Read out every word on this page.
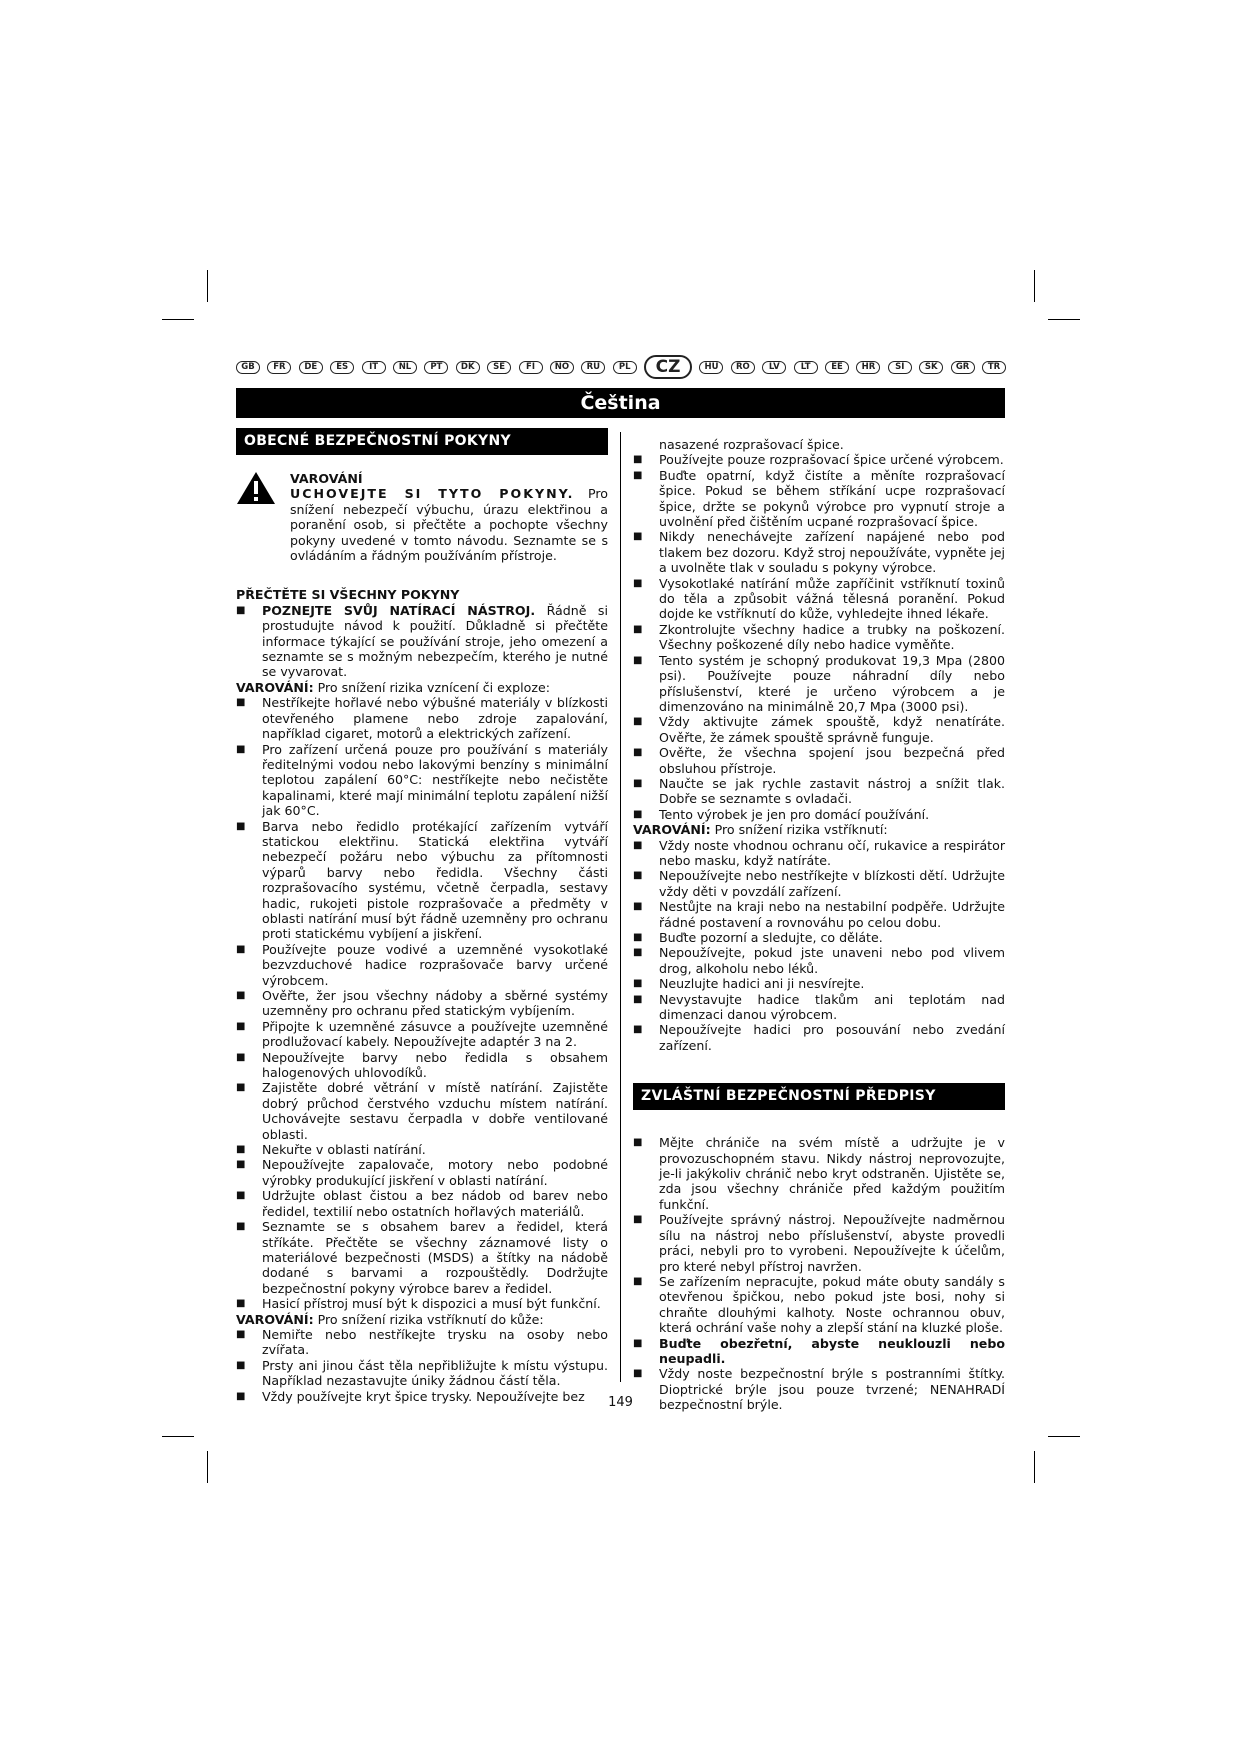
GB	FR	DE	ES	IT	NL	PT	DK	SE	FI	NO	RU	PL	CZ	HU	RO	LV	LT	EE	HR	SI	SK	GR	TR
Čeština
OBECNÉ BEZPEČNOSTNÍ POKYNY
VAROVÁNÍ
UCHOVEJTE SI TYTO POKYNY. Pro snížení nebezpečí výbuchu, úrazu elektřinou a poranění osob, si přečtěte a pochopte všechny pokyny uvedené v tomto návodu. Seznamte se s ovládáním a řádným používáním přístroje.
PŘEČTĚTE SI VŠECHNY POKYNY
■	POZNEJTE SVŮJ NATÍRACÍ NÁSTROJ. Řádně si prostudujte návod k použití. Důkladně si přečtěte informace týkající se používání stroje, jeho omezení a seznamte se s možným nebezpečím, kterého je nutné se vyvarovat.
VAROVÁNÍ: Pro snížení rizika vznícení či exploze:
■	Nestříkejte hořlavé nebo výbušné materiály v blízkosti otevřeného plamene nebo zdroje zapalování, například cigaret, motorů a elektrických zařízení.
■	Pro zařízení určená pouze pro používání s materiály ředitelnými vodou nebo lakovými benzíny s minimální teplotou zapálení 60°C: nestříkejte nebo nečistěte kapalinami, které mají minimální teplotu zapálení nižší jak 60°C.
■	Barva nebo ředidlo protékající zařízením vytváří statickou elektřinu. Statická elektřina vytváří nebezpečí požáru nebo výbuchu za přítomnosti výparů barvy nebo ředidla. Všechny části rozprašovacího systému, včetně čerpadla, sestavy hadic, rukojeti pistole rozprašovače a předměty v oblasti natírání musí být řádně uzemněny pro ochranu proti statickému vybíjení a jiskření.
■	Používejte pouze vodivé a uzemněné vysokotlaké bezvzduchové hadice rozprašovače barvy určené výrobcem.
■	Ověřte, žer jsou všechny nádoby a sběrné systémy uzemněny pro ochranu před statickým vybíjením.
■	Připojte k uzemněné zásuvce a používejte uzemněné prodlužovací kabely. Nepoužívejte adaptér 3 na 2.
■	Nepoužívejte barvy nebo ředidla s obsahem halogenových uhlovodíků.
■	Zajistěte dobré větrání v místě natírání. Zajistěte dobrý průchod čerstvého vzduchu místem natírání. Uchovávejte sestavu čerpadla v dobře ventilované oblasti.
■	Nekuřte v oblasti natírání.
■	Nepoužívejte zapalovače, motory nebo podobné výrobky produkující jiskření v oblasti natírání.
■	Udržujte oblast čistou a bez nádob od barev nebo ředidel, textilií nebo ostatních hořlavých materiálů.
■	Seznamte se s obsahem barev a ředidel, která stříkáte. Přečtěte se všechny záznamové listy o materiálové bezpečnosti (MSDS) a štítky na nádobě dodané s barvami a rozpouštědly. Dodržujte bezpečnostní pokyny výrobce barev a ředidel.
■	Hasicí přístroj musí být k dispozici a musí být funkční.
VAROVÁNÍ: Pro snížení rizika vstříknutí do kůže:
■	Nemiřte nebo nestříkejte trysku na osoby nebo zvířata.
■	Prsty ani jinou část těla nepřibližujte k místu výstupu. Například nezastavujte úniky žádnou částí těla.
■	Vždy používejte kryt špice trysky. Nepoužívejte bez
nasazené rozprašovací špice.
■	Používejte pouze rozprašovací špice určené výrobcem.
■	Buďte opatrní, když čistíte a měníte rozprašovací špice. Pokud se během stříkání ucpe rozprašovací špice, držte se pokynů výrobce pro vypnutí stroje a uvolnění před čištěním ucpané rozprašovací špice.
■	Nikdy nenechávejte zařízení napájené nebo pod tlakem bez dozoru. Když stroj nepoužíváte, vypněte jej a uvolněte tlak v souladu s pokyny výrobce.
■	Vysokotlaké natírání může zapříčinit vstříknutí toxinů do těla a způsobit vážná tělesná poranění. Pokud dojde ke vstříknutí do kůže, vyhledejte ihned lékaře.
■	Zkontrolujte všechny hadice a trubky na poškození. Všechny poškozené díly nebo hadice vyměňte.
■	Tento systém je schopný produkovat 19,3 Mpa (2800 psi). Používejte pouze náhradní díly nebo příslušenství, které je určeno výrobcem a je dimenzováno na minimálně 20,7 Mpa (3000 psi).
■	Vždy aktivujte zámek spouště, když nenatíráte. Ověřte, že zámek spouště správně funguje.
■	Ověřte, že všechna spojení jsou bezpečná před obsluhou přístroje.
■	Naučte se jak rychle zastavit nástroj a snížit tlak. Dobře se seznamte s ovladači.
■	Tento výrobek je jen pro domácí používání.
VAROVÁNÍ: Pro snížení rizika vstříknutí:
■	Vždy noste vhodnou ochranu očí, rukavice a respirátor nebo masku, když natíráte.
■	Nepoužívejte nebo nestříkejte v blízkosti dětí. Udržujte vždy děti v povzdálí zařízení.
■	Nestůjte na kraji nebo na nestabilní podpěře. Udržujte řádné postavení a rovnováhu po celou dobu.
■	Buďte pozorní a sledujte, co děláte.
■	Nepoužívejte, pokud jste unaveni nebo pod vlivem drog, alkoholu nebo léků.
■	Neuzlujte hadici ani ji nesvírejte.
■	Nevystavujte hadice tlakům ani teplotám nad dimenzaci danou výrobcem.
■	Nepoužívejte hadici pro posouvání nebo zvedání zařízení.
ZVLÁŠTNÍ BEZPEČNOSTNÍ PŘEDPISY
■	Mějte chrániče na svém místě a udržujte je v provozuschopném stavu. Nikdy nástroj neprovozujte, je-li jakýkoliv chránič nebo kryt odstraněn. Ujistěte se, zda jsou všechny chrániče před každým použitím funkční.
■	Používejte správný nástroj. Nepoužívejte nadměrnou sílu na nástroj nebo příslušenství, abyste provedli práci, nebyli pro to vyrobeni. Nepoužívejte k účelům, pro které nebyl přístroj navržen.
■	Se zařízením nepracujte, pokud máte obuty sandály s otevřenou špičkou, nebo pokud jste bosi, nohy si chraňte dlouhými kalhoty. Noste ochrannou obuv, která ochrání vaše nohy a zlepší stání na kluzké ploše.
■	Buďte obezřetní, abyste neuklouzli nebo neupadli.
■	Vždy noste bezpečnostní brýle s postranními štítky. Dioptrické brýle jsou pouze tvrzené; NENAHRADÍ bezpečnostní brýle.
149
